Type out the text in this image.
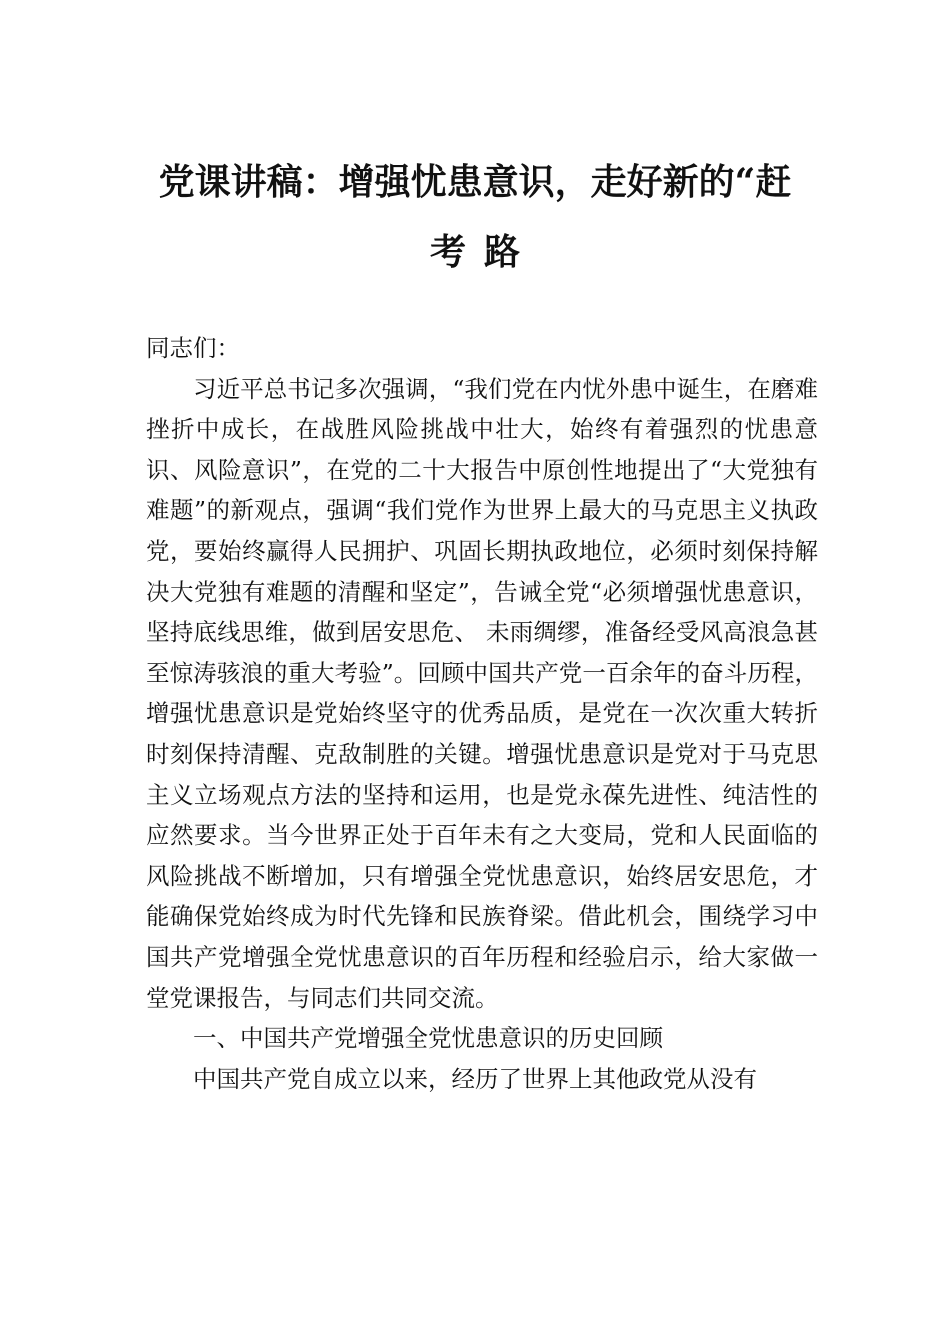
党课讲稿：增强忧患意识，走好新的“赶
考路

同志们：

习近平总书记多次强调，“我们党在内忧外患中诞生，在磨难挫折中成长，在战胜风险挑战中壮大，始终有着强烈的忧患意识、风险意识”，在党的二十大报告中原创性地提出了“大党独有难题”的新观点，强调“我们党作为世界上最大的马克思主义执政党，要始终赢得人民拥护、巩固长期执政地位，必须时刻保持解决大党独有难题的清醒和坚定”，告诫全党“必须增强忧患意识，坚持底线思维，做到居安思危、 未雨绸缪，准备经受风高浪急甚至惊涛骇浪的重大考验”。回顾中国共产党一百余年的奋斗历程，增强忧患意识是党始终坚守的优秀品质，是党在一次次重大转折时刻保持清醒、克敌制胜的关键。增强忧患意识是党对于马克思主义立场观点方法的坚持和运用，也是党永葆先进性、纯洁性的应然要求。当今世界正处于百年未有之大变局，党和人民面临的风险挑战不断增加，只有增强全党忧患意识，始终居安思危，才能确保党始终成为时代先锋和民族脊梁。借此机会，围绕学习中国共产党增强全党忧患意识的百年历程和经验启示，给大家做一堂党课报告，与同志们共同交流。

一、中国共产党增强全党忧患意识的历史回顾

中国共产党自成立以来，经历了世界上其他政党从没有
